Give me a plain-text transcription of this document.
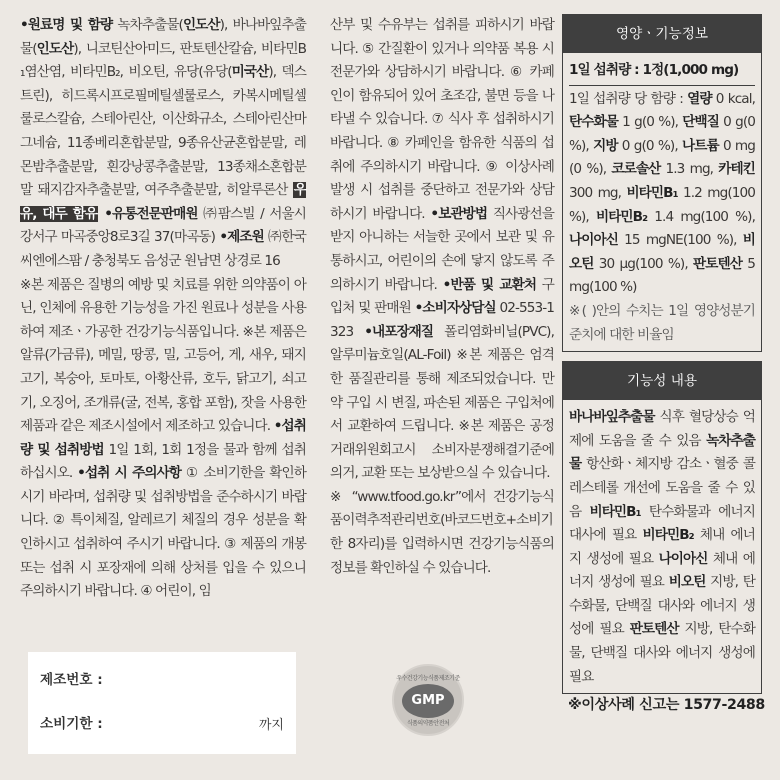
•원료명 및 함량 녹차추출물(인도산), 바나바잎추출물(인도산), 니코틴산아미드, 판토텐산칼슘, 비타민B₁염산염, 비타민B₂, 비오틴, 유당(유당(미국산), 덱스트린), 히드록시프로필메틸셀룰로스, 카복시메틸셀룰로스칼슘, 스테아린산, 이산화규소, 스테아린산마그네슘, 11종베리혼합분말, 9종유산균혼합분말, 레몬밤추출분말, 흰강낭콩추출분말, 13종채소혼합분말 돼지감자추출분말, 여주추출분말, 히알루론산 우유, 대두 함유 •유통전문판매원 ㈜팜스빌 / 서울시 강서구 마곡중앙8로3길 37(마곡동) •제조원 ㈜한국씨엔에스팜 / 충청북도 음성군 원남면 상경로 16

※본 제품은 질병의 예방 및 치료를 위한 의약품이 아닌, 인체에 유용한 기능성을 가진 원료나 성분을 사용하여 제조ㆍ가공한 건강기능식품입니다. ※본 제품은 알류(가금류), 메밀, 땅콩, 밀, 고등어, 게, 새우, 돼지고기, 복숭아, 토마토, 아황산류, 호두, 닭고기, 쇠고기, 오징어, 조개류(굴, 전복, 홍합 포함), 잣을 사용한 제품과 같은 제조시설에서 제조하고 있습니다. •섭취량 및 섭취방법 1일 1회, 1회 1정을 물과 함께 섭취하십시오. •섭취 시 주의사항 ① 소비기한을 확인하시기 바라며, 섭취량 및 섭취방법을 준수하시기 바랍니다. ② 특이체질, 알레르기 체질의 경우 성분을 확인하시고 섭취하여 주시기 바랍니다. ③ 제품의 개봉 또는 섭취 시 포장재에 의해 상처를 입을 수 있으니 주의하시기 바랍니다. ④ 어린이, 임

산부 및 수유부는 섭취를 피하시기 바랍니다. ⑤ 간질환이 있거나 의약품 복용 시 전문가와 상담하시기 바랍니다. ⑥ 카페인이 함유되어 있어 초조감, 불면 등을 나타낼 수 있습니다. ⑦ 식사 후 섭취하시기 바랍니다. ⑧ 카페인을 함유한 식품의 섭취에 주의하시기 바랍니다. ⑨ 이상사례 발생 시 섭취를 중단하고 전문가와 상담하시기 바랍니다. •보관방법 직사광선을 받지 아니하는 서늘한 곳에서 보관 및 유통하시고, 어린이의 손에 닿지 않도록 주의하시기 바랍니다. •반품 및 교환처 구입처 및 판매원 •소비자상담실 02-553-1323 •내포장재질 폴리염화비닐(PVC), 알루미늄호일(AL-Foil) ※본 제품은 엄격한 품질관리를 통해 제조되었습니다. 만약 구입 시 변질, 파손된 제품은 구입처에서 교환하여 드립니다. ※본 제품은 공정거래위원회고시 소비자분쟁해결기준에 의거, 교환 또는 보상받으실 수 있습니다.

※ “www.tfood.go.kr”에서 건강기능식품이력추적관리번호(바코드번호+소비기한 8자리)를 입력하시면 건강기능식품의 정보를 확인하실 수 있습니다.

영양ㆍ기능정보
1일 섭취량 : 1정(1,000 mg)
1일 섭취량 당 함량 : 열량 0 kcal, 탄수화물 1 g(0 %), 단백질 0 g(0 %), 지방 0 g(0 %), 나트륨 0 mg(0 %), 코로솔산 1.3 mg, 카테킨 300 mg, 비타민B₁ 1.2 mg(100 %), 비타민B₂ 1.4 mg(100 %), 나이아신 15 mgNE(100 %), 비오틴 30 μg(100 %), 판토텐산 5 mg(100 %)
※( )안의 수치는 1일 영양성분기준치에 대한 비율임
기능성 내용
바나바잎추출물 식후 혈당상승 억제에 도움을 줄 수 있음 녹차추출물 항산화ㆍ체지방 감소ㆍ혈중 콜레스테롤 개선에 도움을 줄 수 있음 비타민B₁ 탄수화물과 에너지 대사에 필요 비타민B₂ 체내 에너지 생성에 필요 나이아신 체내 에너지 생성에 필요 비오틴 지방, 탄수화물, 단백질 대사와 에너지 생성에 필요 판토텐산 지방, 탄수화물, 단백질 대사와 에너지 생성에 필요
제조번호 :
소비기한 :	까지
우수건강기능식품제조기준
GMP
식품의약품안전처
※이상사례 신고는 1577-2488
